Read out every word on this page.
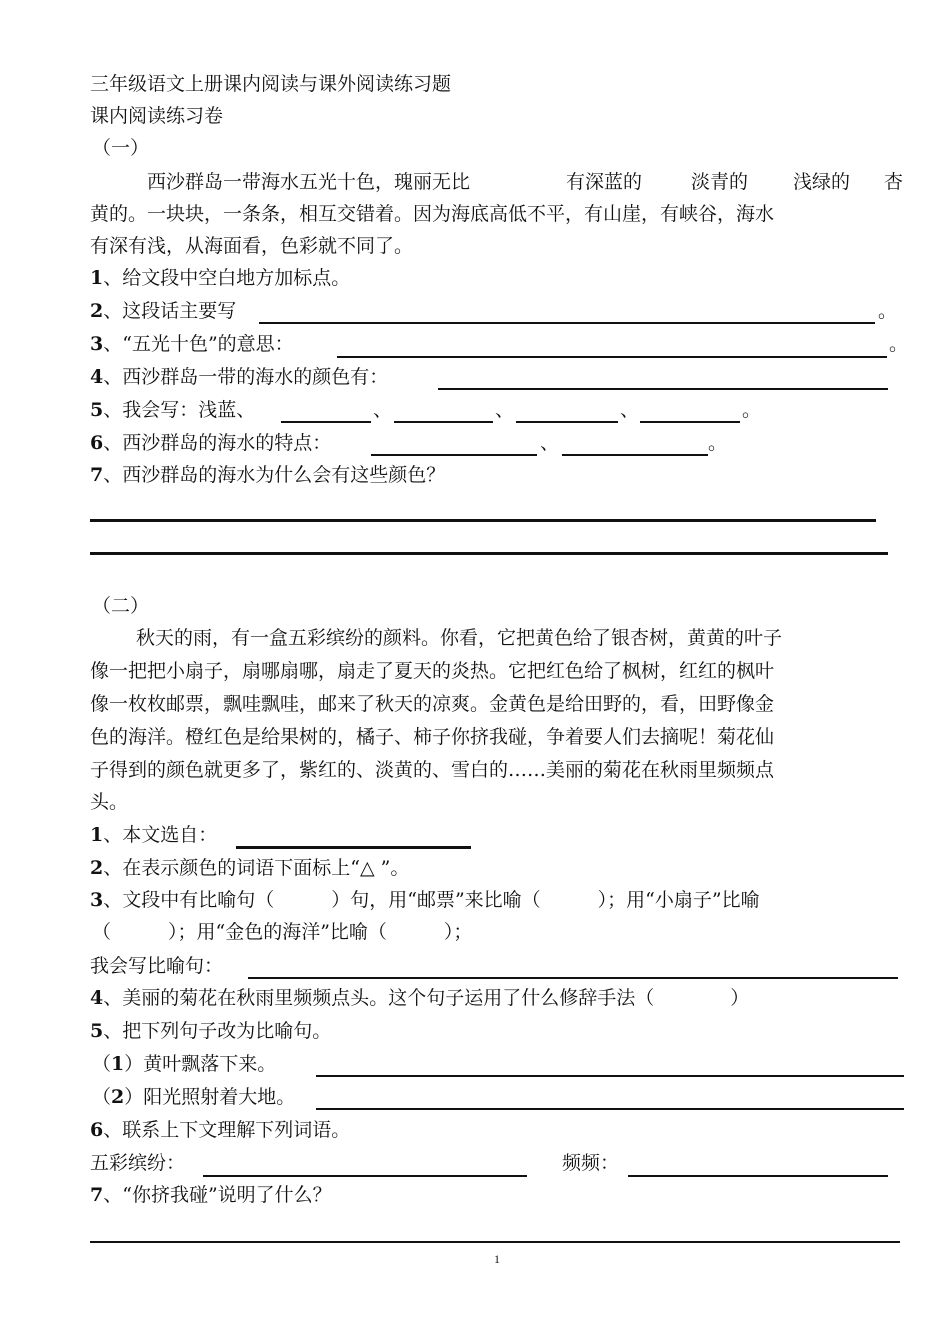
三年级语文上册课内阅读与课外阅读练习题
课内阅读练习卷
（一）
西沙群岛一带海水五光十色，瑰丽无比	有深蓝的	淡青的 浅绿的 杏
黄的。一块块，一条条，相互交错着。因为海底高低不平，有山崖，有峡谷，海水
有深有浅，从海面看，色彩就不同了。
1、给文段中空白地方加标点。
2、这段话主要写	。
3、“五光十色”的意思：	。
4、西沙群岛一带的海水的颜色有：
5、我会写：浅蓝、	、	、	、	。
6、西沙群岛的海水的特点：	、	。
7、西沙群岛的海水为什么会有这些颜色？
（二）
秋天的雨，有一盒五彩缤纷的颜料。你看，它把黄色给了银杏树，黄黄的叶子
像一把把小扇子，扇哪扇哪，扇走了夏天的炎热。它把红色给了枫树，红红的枫叶
像一枚枚邮票，飘哇飘哇，邮来了秋天的凉爽。金黄色是给田野的，看，田野像金
色的海洋。橙红色是给果树的，橘子、柿子你挤我碰，争着要人们去摘呢！菊花仙
子得到的颜色就更多了，紫红的、淡黄的、雪白的……美丽的菊花在秋雨里频频点
头。
1、本文选自：
2、在表示颜色的词语下面标上“△ ”。
3、文段中有比喻句（　　　）句，用“邮票”来比喻（　　　）；用“小扇子”比喻
（　　　）；用“金色的海洋”比喻（　　　）；
我会写比喻句：
4、美丽的菊花在秋雨里频频点头。这个句子运用了什么修辞手法（　　　　）
5、把下列句子改为比喻句。
（1）黄叶飘落下来。
（2）阳光照射着大地。
6、联系上下文理解下列词语。
五彩缤纷：	频频：
7、“你挤我碰”说明了什么？
1
